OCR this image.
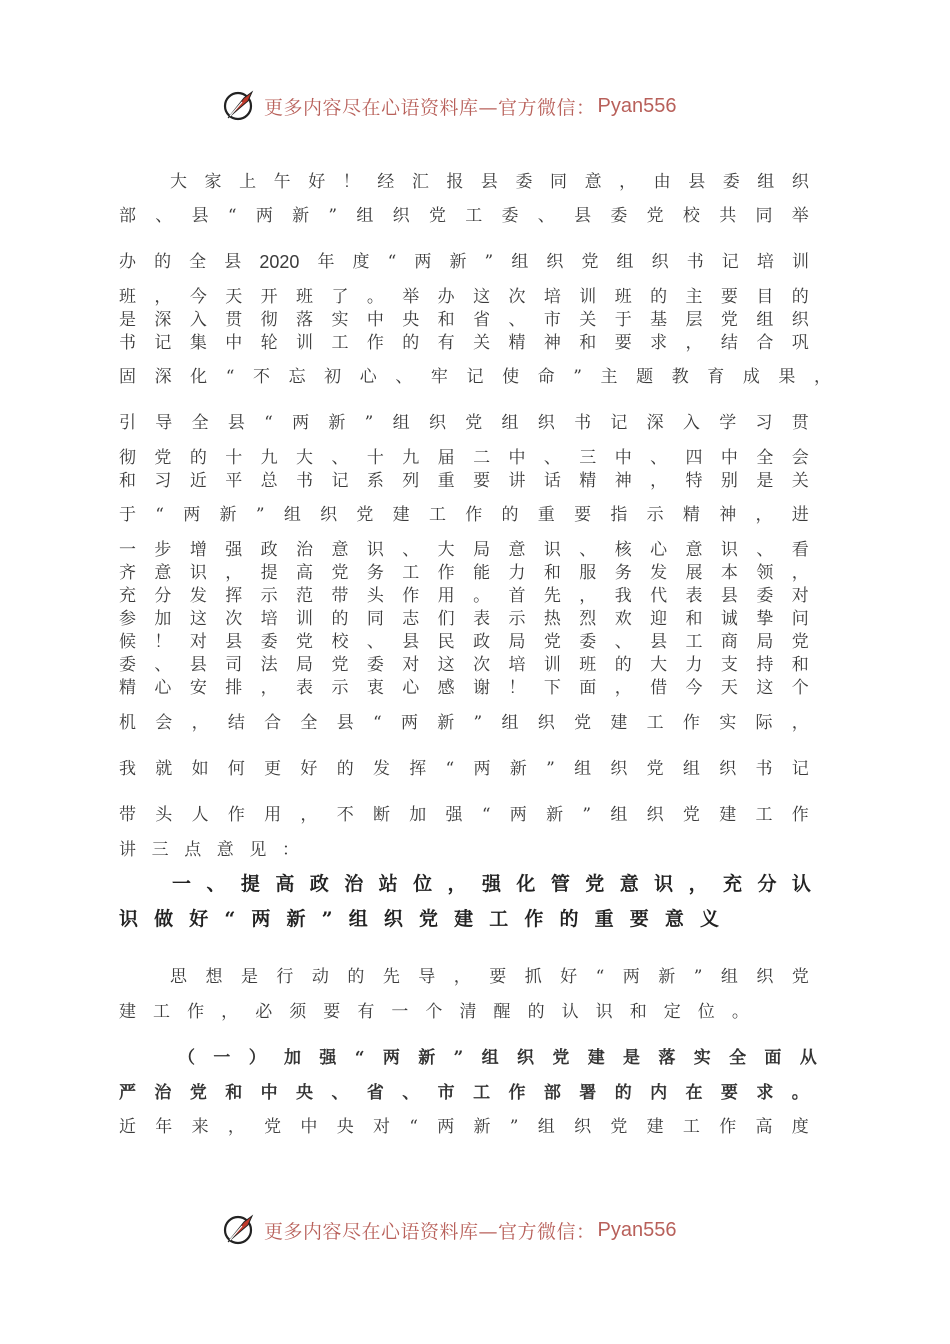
更多内容尽在心语资料库—官方微信： Pyan556
大 家 上 午 好 ！ 经 汇 报 县 委 同 意 ， 由 县 委 组 织
部 、 县 “ 两 新 ” 组 织 党 工 委 、 县 委 党 校 共 同 举
办 的 全 县 2020 年 度 “ 两 新 ” 组 织 党 组 织 书 记 培 训
班 ， 今 天 开 班 了 。 举 办 这 次 培 训 班 的 主 要 目 的
是 深 入 贯 彻 落 实 中 央 和 省 、 市 关 于 基 层 党 组 织
书 记 集 中 轮 训 工 作 的 有 关 精 神 和 要 求 ， 结 合 巩
固 深 化 “ 不 忘 初 心 、 牢 记 使 命 ” 主 题 教 育 成 果 ，
引 导 全 县 “ 两 新 ” 组 织 党 组 织 书 记 深 入 学 习 贯
彻 党 的 十 九 大 、 十 九 届 二 中 、 三 中 、 四 中 全 会
和 习 近 平 总 书 记 系 列 重 要 讲 话 精 神 ， 特 别 是 关
于 “ 两 新 ” 组 织 党 建 工 作 的 重 要 指 示 精 神 ， 进
一 步 增 强 政 治 意 识 、 大 局 意 识 、 核 心 意 识 、 看
齐 意 识 ， 提 高 党 务 工 作 能 力 和 服 务 发 展 本 领 ，
充 分 发 挥 示 范 带 头 作 用 。 首 先 ， 我 代 表 县 委 对
参 加 这 次 培 训 的 同 志 们 表 示 热 烈 欢 迎 和 诚 挚 问
候 ！ 对 县 委 党 校 、 县 民 政 局 党 委 、 县 工 商 局 党
委 、 县 司 法 局 党 委 对 这 次 培 训 班 的 大 力 支 持 和
精 心 安 排 ， 表 示 衷 心 感 谢 ！ 下 面 ， 借 今 天 这 个
机 会 ， 结 合 全 县 “ 两 新 ” 组 织 党 建 工 作 实 际 ，
我 就 如 何 更 好 的 发 挥 “ 两 新 ” 组 织 党 组 织 书 记
带 头 人 作 用 ， 不 断 加 强 “ 两 新 ” 组 织 党 建 工 作
讲 三 点 意 见 ：
一 、 提 高 政 治 站 位 ， 强 化 管 党 意 识 ， 充 分 认
识 做 好 “ 两 新 ” 组 织 党 建 工 作 的 重 要 意 义
思 想 是 行 动 的 先 导 ， 要 抓 好 “ 两 新 ” 组 织 党
建 工 作 ， 必 须 要 有 一 个 清 醒 的 认 识 和 定 位 。
（ 一 ） 加 强 “ 两 新 ” 组 织 党 建 是 落 实 全 面 从
严 治 党 和 中 央 、 省 、 市 工 作 部 署 的 内 在 要 求 。
近 年 来 ， 党 中 央 对 “ 两 新 ” 组 织 党 建 工 作 高 度
更多内容尽在心语资料库—官方微信： Pyan556
